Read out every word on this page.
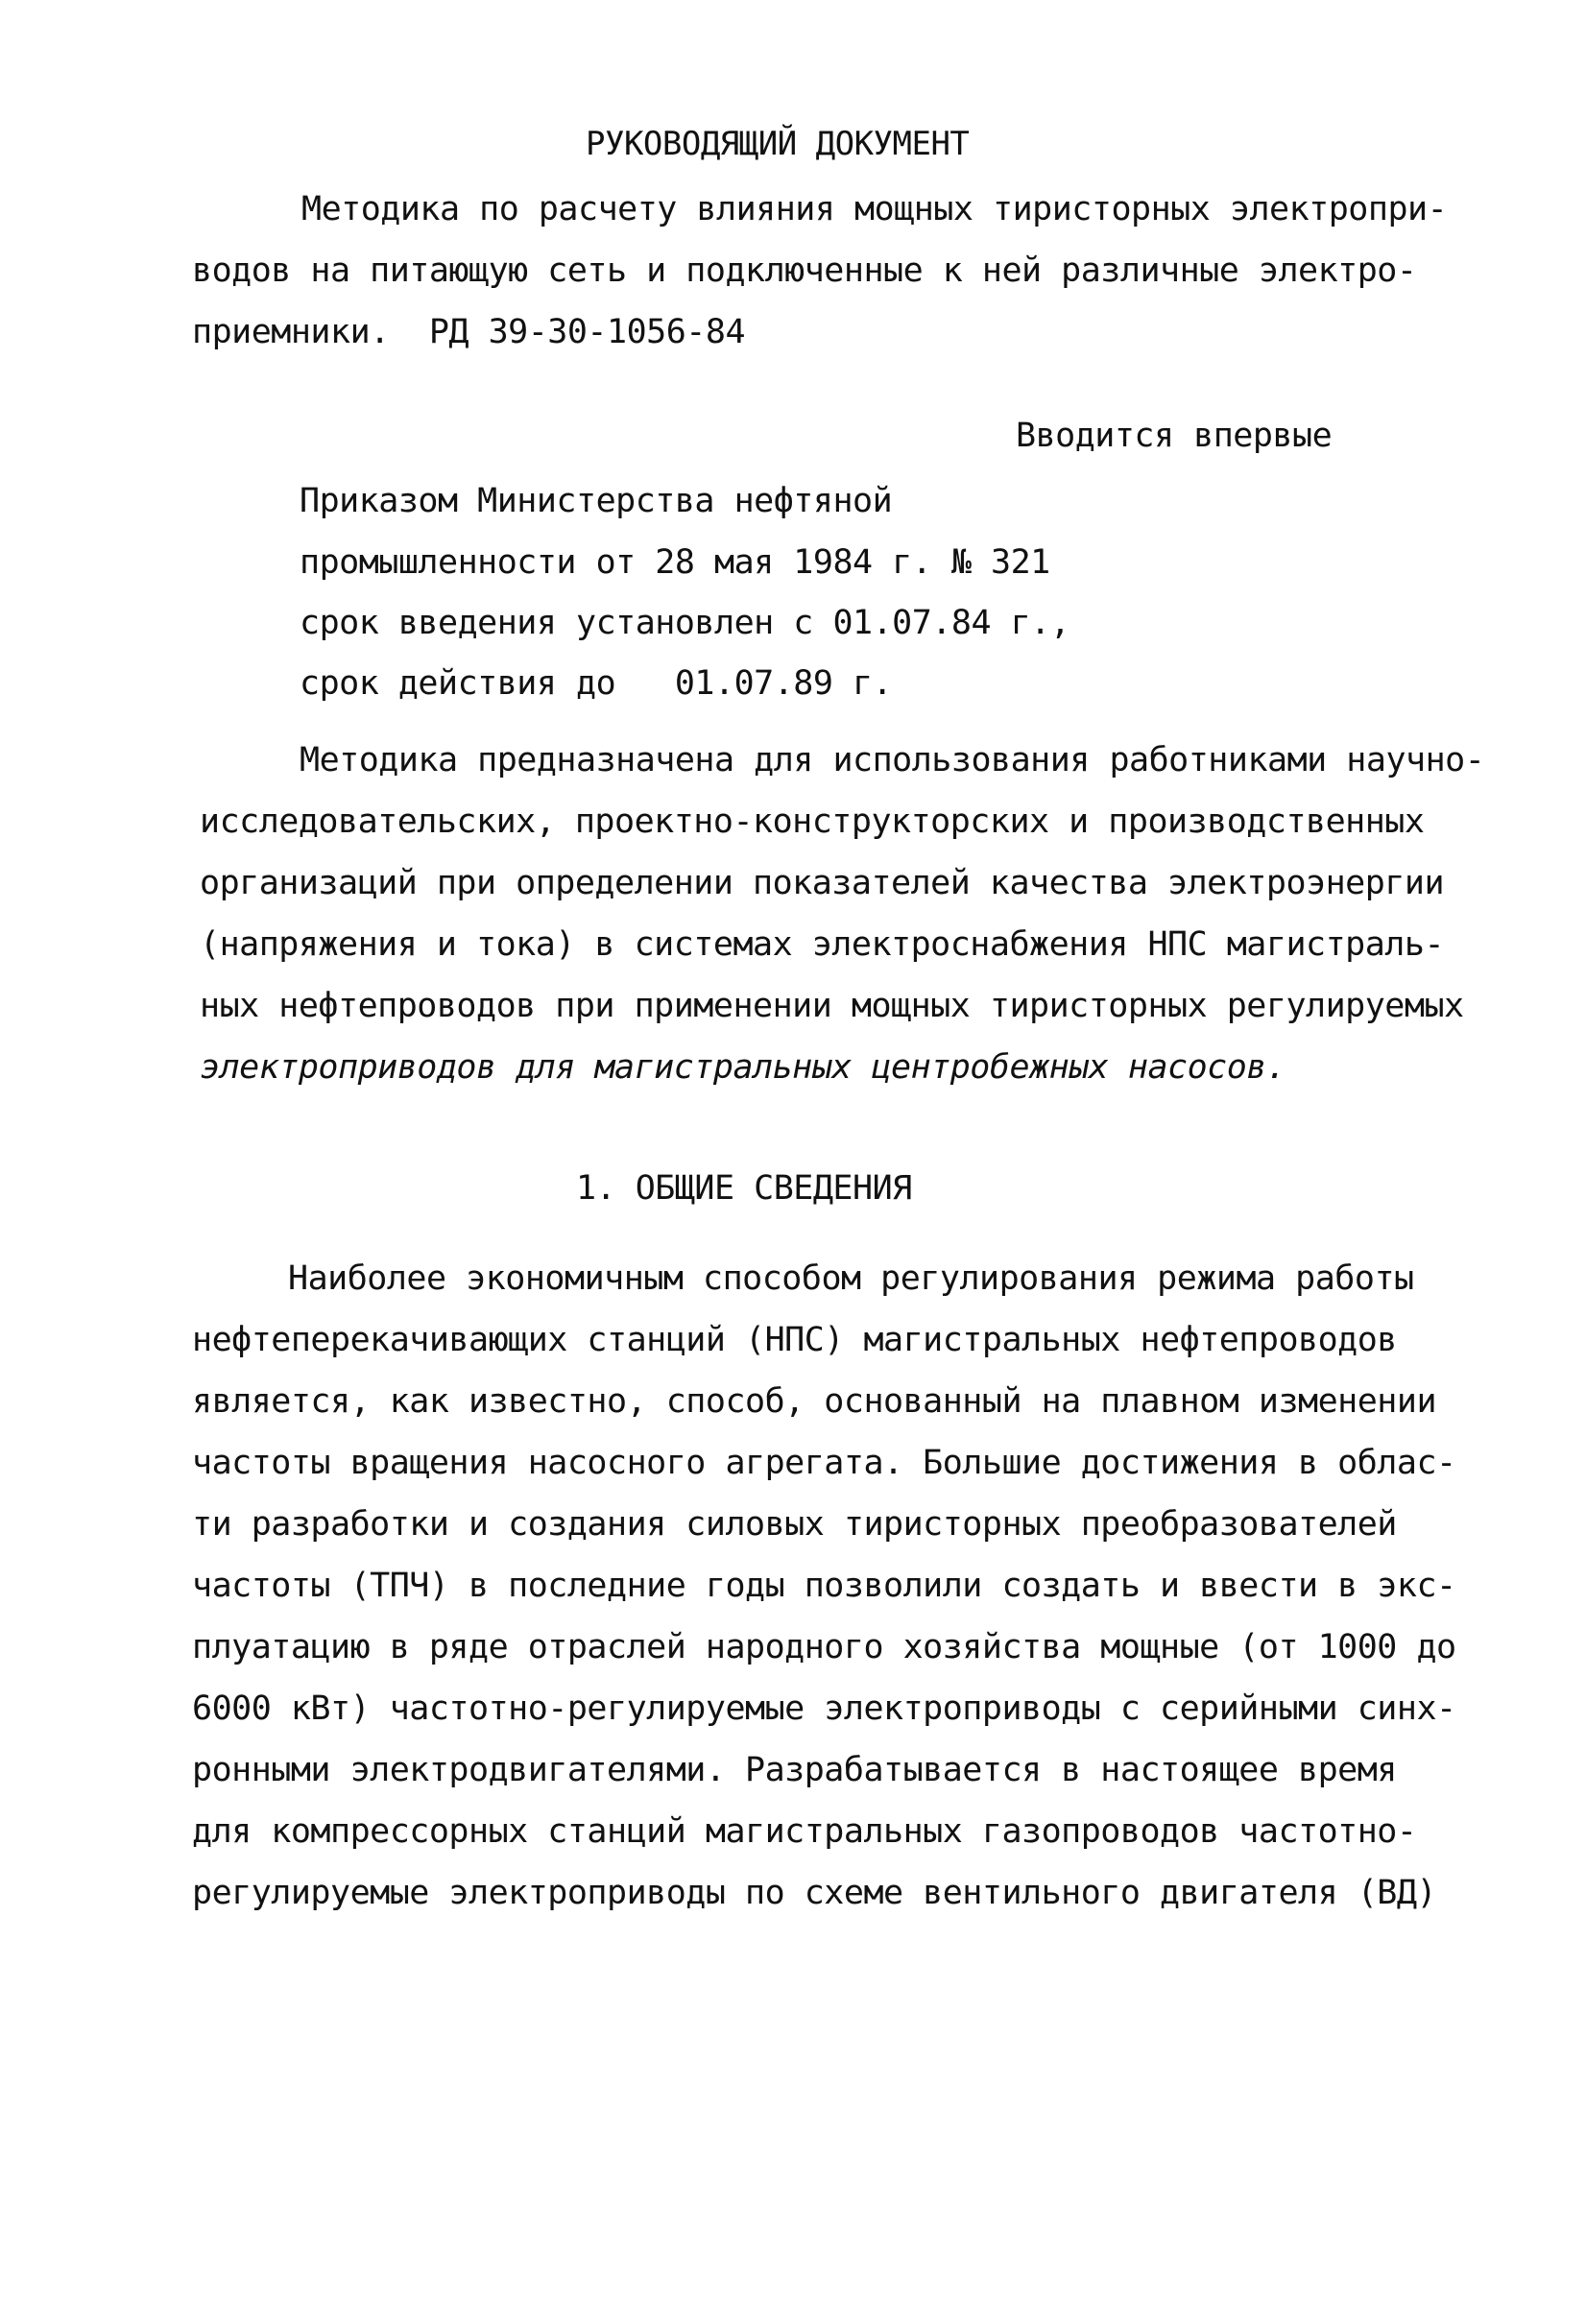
РУКОВОДЯЩИЙ ДОКУМЕНТ
Методика по расчету влияния мощных тиристорных электропри-
водов на питающую сеть и подключенные к ней различные электро-
приемники.  РД 39-30-1056-84
Вводится впервые
Приказом Министерства нефтяной
промышленности от 28 мая 1984 г. № 321
срок введения установлен с 01.07.84 г.,
срок действия до   01.07.89 г.
Методика предназначена для использования работниками научно-
исследовательских, проектно-конструкторских и производственных
организаций при определении показателей качества электроэнергии
(напряжения и тока) в системах электроснабжения НПС магистраль-
ных нефтепроводов при применении мощных тиристорных регулируемых
электроприводов для магистральных центробежных насосов.
1. ОБЩИЕ СВЕДЕНИЯ
Наиболее экономичным способом регулирования режима работы
нефтеперекачивающих станций (НПС) магистральных нефтепроводов
является, как известно, способ, основанный на плавном изменении
частоты вращения насосного агрегата. Большие достижения в облас-
ти разработки и создания силовых тиристорных преобразователей
частоты (ТПЧ) в последние годы позволили создать и ввести в экс-
плуатацию в ряде отраслей народного хозяйства мощные (от 1000 до
6000 кВт) частотно-регулируемые электроприводы с серийными синх-
ронными электродвигателями. Разрабатывается в настоящее время
для компрессорных станций магистральных газопроводов частотно-
регулируемые электроприводы по схеме вентильного двигателя (ВД)
